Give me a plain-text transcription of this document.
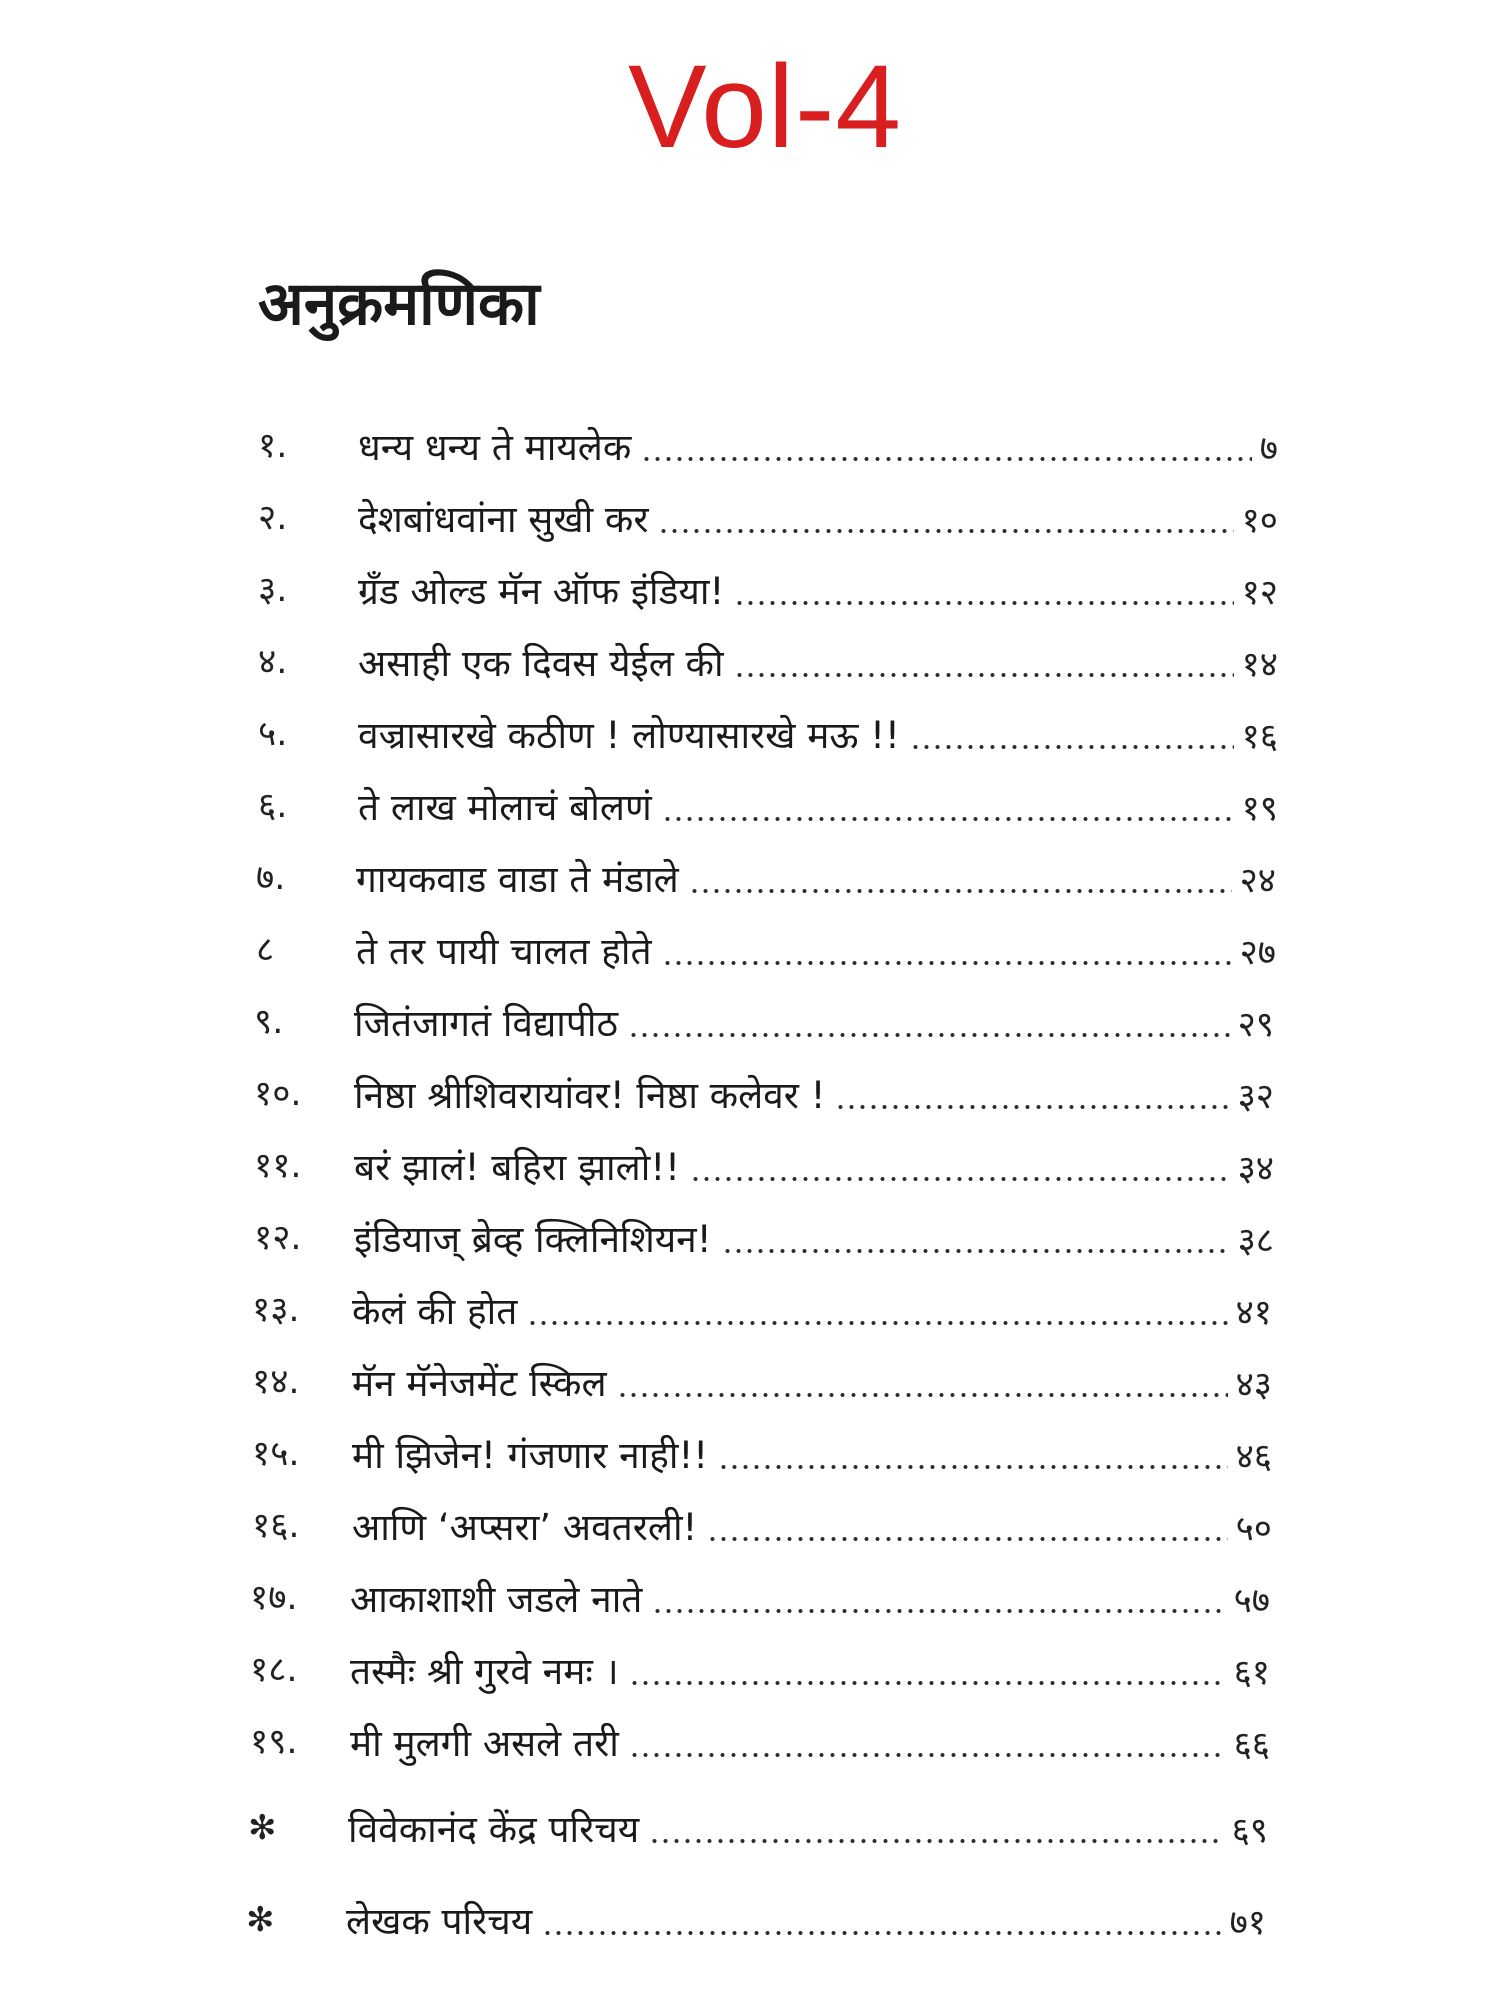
Vol-4
अनुक्रमणिका
१. धन्य धन्य ते मायलेक	७
२. देशबांधवांना सुखी कर	१०
३. ग्रँड ओल्ड मॅन ऑफ इंडिया!	१२
४. असाही एक दिवस येईल की	१४
५. वज्रासारखे कठीण ! लोण्यासारखे मऊ !!	१६
६. ते लाख मोलाचं बोलणं	१९
७. गायकवाड वाडा ते मंडाले	२४
८ ते तर पायी चालत होते	२७
९. जितंजागतं विद्यापीठ	२९
१०. निष्ठा श्रीशिवरायांवर! निष्ठा कलेवर !	३२
११. बरं झालं! बहिरा झालो!!	३४
१२. इंडियाज् ब्रेव्ह क्लिनिशियन!	३८
१३. केलं की होत	४१
१४. मॅन मॅनेजमेंट स्किल	४३
१५. मी झिजेन! गंजणार नाही!!	४६
१६. आणि ‘अप्सरा’ अवतरली!	५०
१७. आकाशाशी जडले नाते	५७
१८. तस्मैः श्री गुरवे नमः ।	६१
१९. मी मुलगी असले तरी	६६
✻ विवेकानंद केंद्र परिचय	६९
✻ लेखक परिचय	७१
